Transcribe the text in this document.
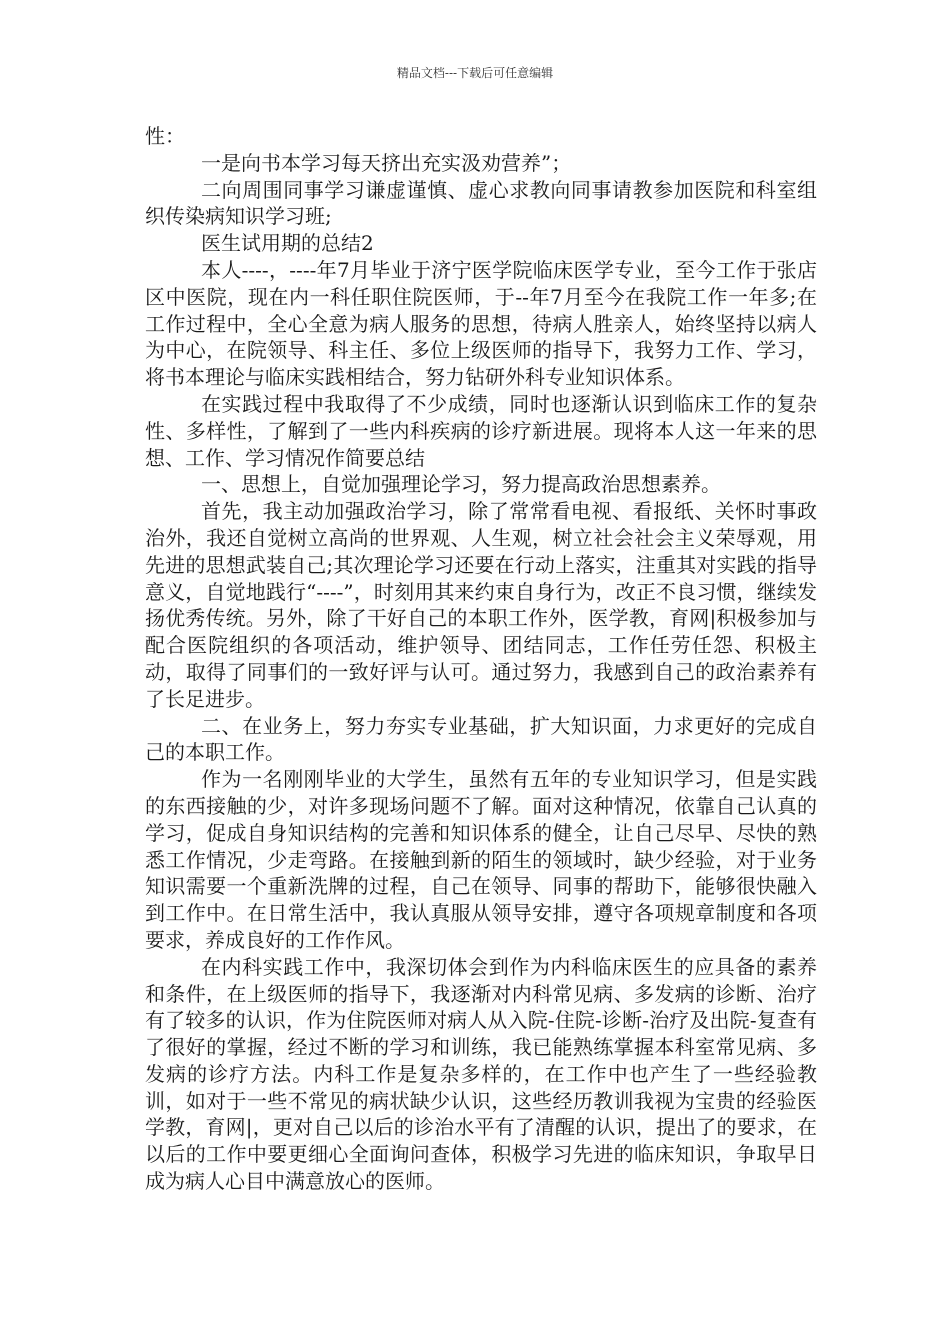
精品文档---下载后可任意编辑

性：

一是向书本学习每天挤出充实汲劝营养”；

二向周围同事学习谦虚谨慎、虚心求教向同事请教参加医院和科室组织传染病知识学习班;

医生试用期的总结2

本人----，----年7月毕业于济宁医学院临床医学专业，至今工作于张店区中医院，现在内一科任职住院医师，于--年7月至今在我院工作一年多;在工作过程中，全心全意为病人服务的思想，待病人胜亲人，始终坚持以病人为中心，在院领导、科主任、多位上级医师的指导下，我努力工作、学习，将书本理论与临床实践相结合，努力钻研外科专业知识体系。

在实践过程中我取得了不少成绩，同时也逐渐认识到临床工作的复杂性、多样性，了解到了一些内科疾病的诊疗新进展。现将本人这一年来的思想、工作、学习情况作简要总结

一、思想上，自觉加强理论学习，努力提高政治思想素养。

首先，我主动加强政治学习，除了常常看电视、看报纸、关怀时事政治外，我还自觉树立高尚的世界观、人生观，树立社会社会主义荣辱观，用先进的思想武装自己;其次理论学习还要在行动上落实，注重其对实践的指导意义，自觉地践行“----”，时刻用其来约束自身行为，改正不良习惯，继续发扬优秀传统。另外，除了干好自己的本职工作外，医学教，育网|积极参加与配合医院组织的各项活动，维护领导、团结同志，工作任劳任怨、积极主动，取得了同事们的一致好评与认可。通过努力，我感到自己的政治素养有了长足进步。

二、在业务上，努力夯实专业基础，扩大知识面，力求更好的完成自己的本职工作。

作为一名刚刚毕业的大学生，虽然有五年的专业知识学习，但是实践的东西接触的少，对许多现场问题不了解。面对这种情况，依靠自己认真的学习，促成自身知识结构的完善和知识体系的健全，让自己尽早、尽快的熟悉工作情况，少走弯路。在接触到新的陌生的领域时，缺少经验，对于业务知识需要一个重新洗牌的过程，自己在领导、同事的帮助下，能够很快融入到工作中。在日常生活中，我认真服从领导安排，遵守各项规章制度和各项要求，养成良好的工作作风。

在内科实践工作中，我深切体会到作为内科临床医生的应具备的素养和条件，在上级医师的指导下，我逐渐对内科常见病、多发病的诊断、治疗有了较多的认识，作为住院医师对病人从入院-住院-诊断-治疗及出院-复查有了很好的掌握，经过不断的学习和训练，我已能熟练掌握本科室常见病、多发病的诊疗方法。内科工作是复杂多样的，在工作中也产生了一些经验教训，如对于一些不常见的病状缺少认识，这些经历教训我视为宝贵的经验医学教，育网|，更对自己以后的诊治水平有了清醒的认识，提出了的要求，在以后的工作中要更细心全面询问查体，积极学习先进的临床知识，争取早日成为病人心目中满意放心的医师。
